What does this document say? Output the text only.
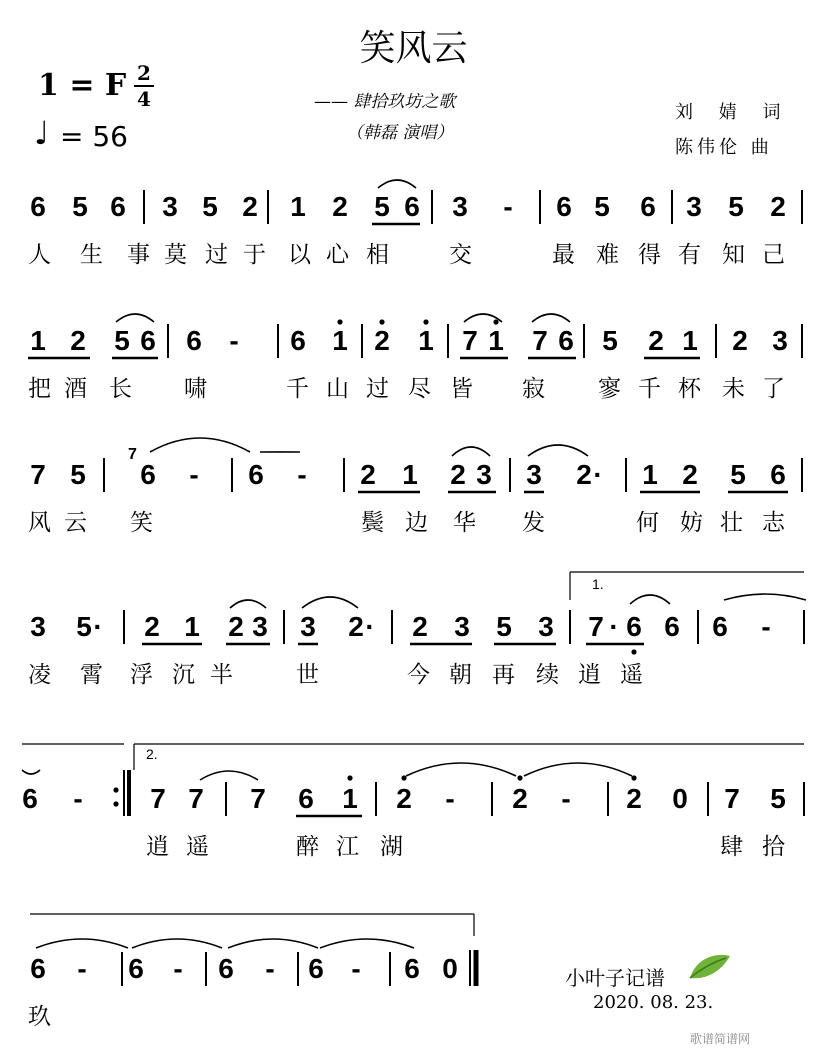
笑风云
1 = F 2
4
♩ = 56
—— 肆拾玖坊之歌
（韩磊 演唱）
刘 婧 词
陈伟伦 曲
6 5 6 3 5 2 1 2 5 6 3 - 6 5 6 3 5 2
1 2 5 6 6 - 6 1 2 1 7 1 7 6 5 2 1 2 3
7 5 6 - 6 - 2 1 2 3 3 2 1 2 5 6
·
3 5 2 1 2 3 3 2 2 3 5 3 7 6 6 6 -
·	·	·
6 - 7 7 7 6 1 2 - 2 - 2 0 7 5
6 - 6 - 6 - 6 - 6 0
人 生 事 莫 过 于 以 心 相	交	最 难 得 有 知 己
把 酒 长 啸	千 山 过 尽 皆 寂 寥 千 杯 未 了
风 云 笑	鬓 边 华 发	何 妨 壮 志
凌 霄 浮 沉 半	世	今 朝 再 续 逍 遥
逍 遥	醉 江 湖	肆 拾
玖
1.
2.
7
小叶子记谱
2020. 08. 23.
歌谱简谱网
